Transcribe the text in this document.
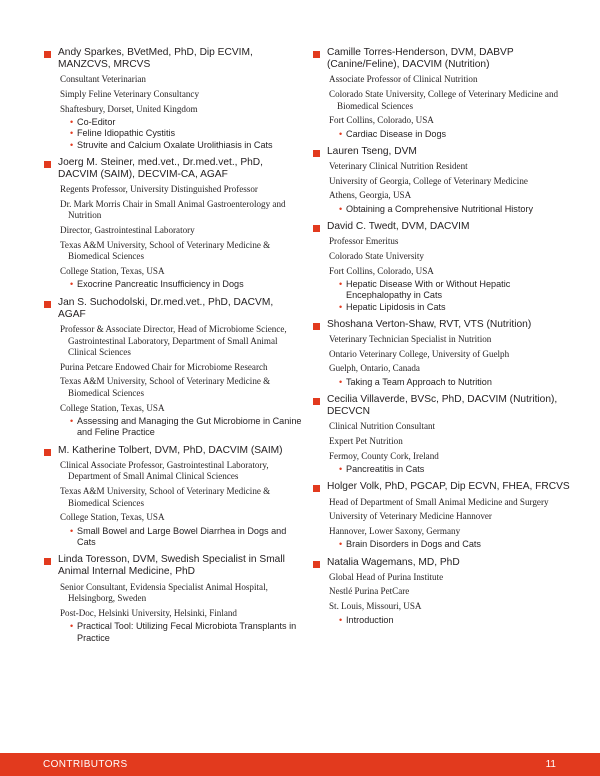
Andy Sparkes, BVetMed, PhD, Dip ECVIM, MANZCVS, MRCVS
Consultant Veterinarian
Simply Feline Veterinary Consultancy
Shaftesbury, Dorset, United Kingdom
• Co-Editor
• Feline Idiopathic Cystitis
• Struvite and Calcium Oxalate Urolithiasis in Cats
Joerg M. Steiner, med.vet., Dr.med.vet., PhD, DACVIM (SAIM), DECVIM-CA, AGAF
Regents Professor, University Distinguished Professor
Dr. Mark Morris Chair in Small Animal Gastroenterology and Nutrition
Director, Gastrointestinal Laboratory
Texas A&M University, School of Veterinary Medicine & Biomedical Sciences
College Station, Texas, USA
• Exocrine Pancreatic Insufficiency in Dogs
Jan S. Suchodolski, Dr.med.vet., PhD, DACVM, AGAF
Professor & Associate Director, Head of Microbiome Science, Gastrointestinal Laboratory, Department of Small Animal Clinical Sciences
Purina Petcare Endowed Chair for Microbiome Research
Texas A&M University, School of Veterinary Medicine & Biomedical Sciences
College Station, Texas, USA
• Assessing and Managing the Gut Microbiome in Canine and Feline Practice
M. Katherine Tolbert, DVM, PhD, DACVIM (SAIM)
Clinical Associate Professor, Gastrointestinal Laboratory, Department of Small Animal Clinical Sciences
Texas A&M University, School of Veterinary Medicine & Biomedical Sciences
College Station, Texas, USA
• Small Bowel and Large Bowel Diarrhea in Dogs and Cats
Linda Toresson, DVM, Swedish Specialist in Small Animal Internal Medicine, PhD
Senior Consultant, Evidensia Specialist Animal Hospital, Helsingborg, Sweden
Post-Doc, Helsinki University, Helsinki, Finland
• Practical Tool: Utilizing Fecal Microbiota Transplants in Practice
Camille Torres-Henderson, DVM, DABVP (Canine/Feline), DACVIM (Nutrition)
Associate Professor of Clinical Nutrition
Colorado State University, College of Veterinary Medicine and Biomedical Sciences
Fort Collins, Colorado, USA
• Cardiac Disease in Dogs
Lauren Tseng, DVM
Veterinary Clinical Nutrition Resident
University of Georgia, College of Veterinary Medicine
Athens, Georgia, USA
• Obtaining a Comprehensive Nutritional History
David C. Twedt, DVM, DACVIM
Professor Emeritus
Colorado State University
Fort Collins, Colorado, USA
• Hepatic Disease With or Without Hepatic Encephalopathy in Cats
• Hepatic Lipidosis in Cats
Shoshana Verton-Shaw, RVT, VTS (Nutrition)
Veterinary Technician Specialist in Nutrition
Ontario Veterinary College, University of Guelph
Guelph, Ontario, Canada
• Taking a Team Approach to Nutrition
Cecilia Villaverde, BVSc, PhD, DACVIM (Nutrition), DECVCN
Clinical Nutrition Consultant
Expert Pet Nutrition
Fermoy, County Cork, Ireland
• Pancreatitis in Cats
Holger Volk, PhD, PGCAP, Dip ECVN, FHEA, FRCVS
Head of Department of Small Animal Medicine and Surgery
University of Veterinary Medicine Hannover
Hannover, Lower Saxony, Germany
• Brain Disorders in Dogs and Cats
Natalia Wagemans, MD, PhD
Global Head of Purina Institute
Nestlé Purina PetCare
St. Louis, Missouri, USA
• Introduction
CONTRIBUTORS	11
